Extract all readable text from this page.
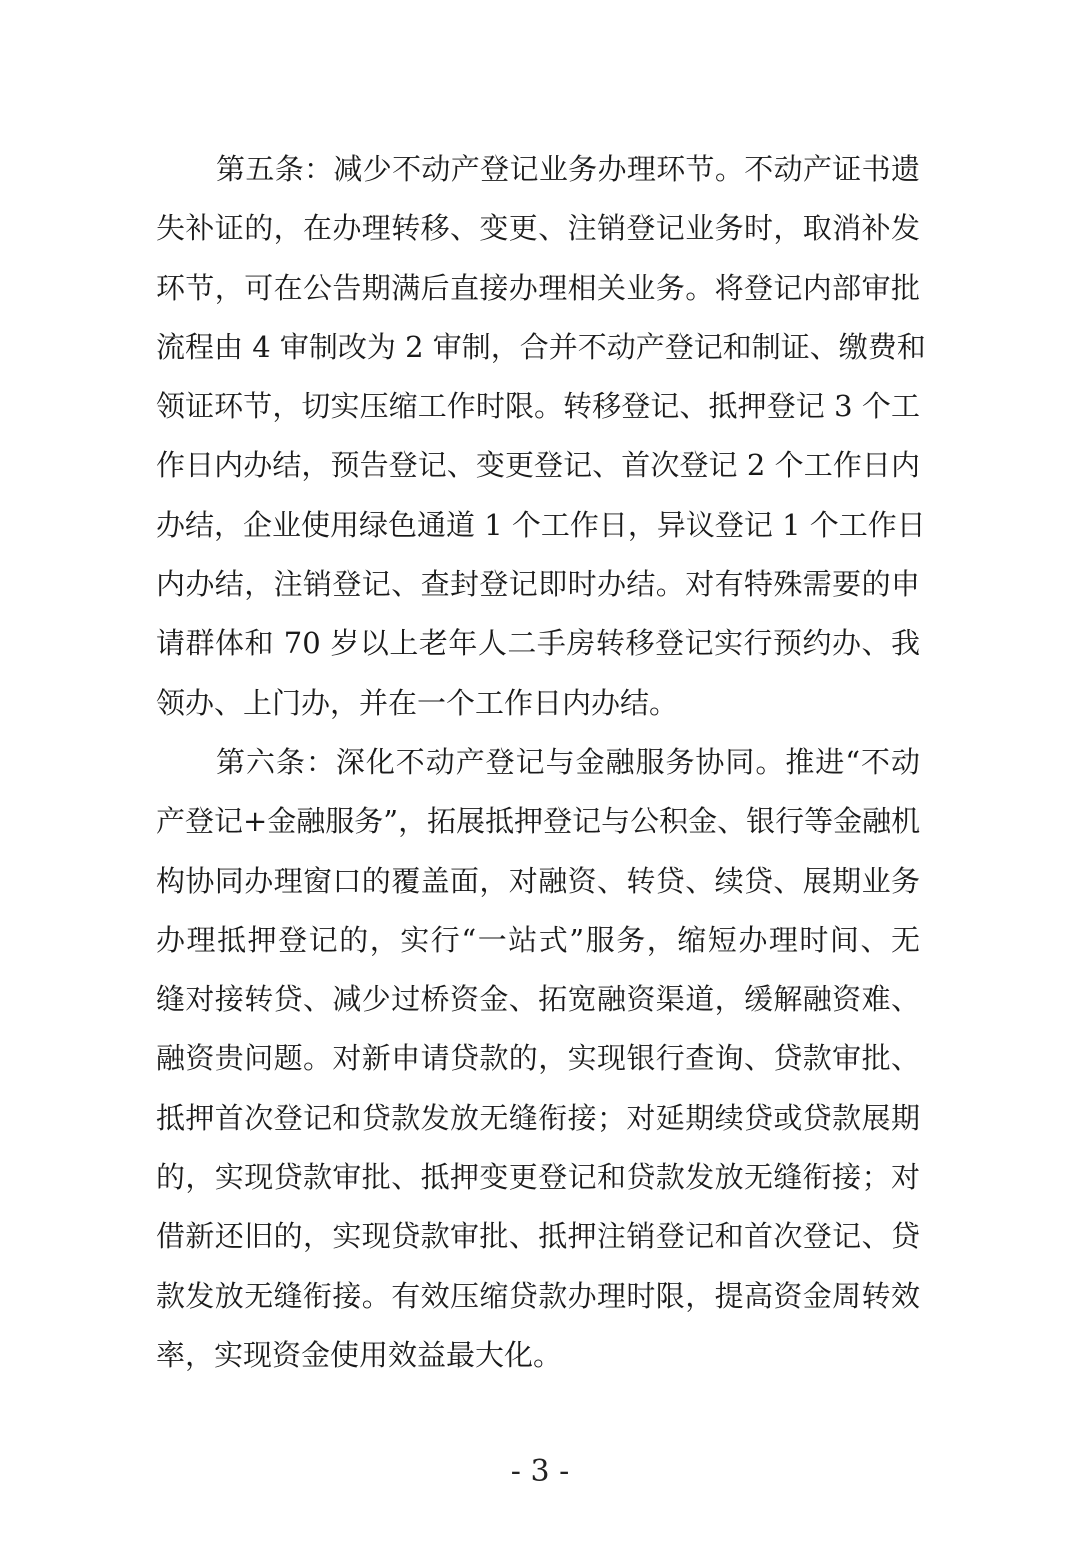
第五条：减少不动产登记业务办理环节。不动产证书遗
失补证的，在办理转移、变更、注销登记业务时，取消补发
环节，可在公告期满后直接办理相关业务。将登记内部审批
流程由 4 审制改为 2 审制，合并不动产登记和制证、缴费和
领证环节，切实压缩工作时限。转移登记、抵押登记 3 个工
作日内办结，预告登记、变更登记、首次登记 2 个工作日内
办结，企业使用绿色通道 1 个工作日，异议登记 1 个工作日
内办结，注销登记、查封登记即时办结。对有特殊需要的申
请群体和 70 岁以上老年人二手房转移登记实行预约办、我
领办、上门办，并在一个工作日内办结。
第六条：深化不动产登记与金融服务协同。推进“不动
产登记+金融服务”，拓展抵押登记与公积金、银行等金融机
构协同办理窗口的覆盖面，对融资、转贷、续贷、展期业务
办理抵押登记的，实行“一站式”服务，缩短办理时间、无
缝对接转贷、减少过桥资金、拓宽融资渠道，缓解融资难、
融资贵问题。对新申请贷款的，实现银行查询、贷款审批、
抵押首次登记和贷款发放无缝衔接；对延期续贷或贷款展期
的，实现贷款审批、抵押变更登记和贷款发放无缝衔接；对
借新还旧的，实现贷款审批、抵押注销登记和首次登记、贷
款发放无缝衔接。有效压缩贷款办理时限，提高资金周转效
率，实现资金使用效益最大化。
- 3 -
